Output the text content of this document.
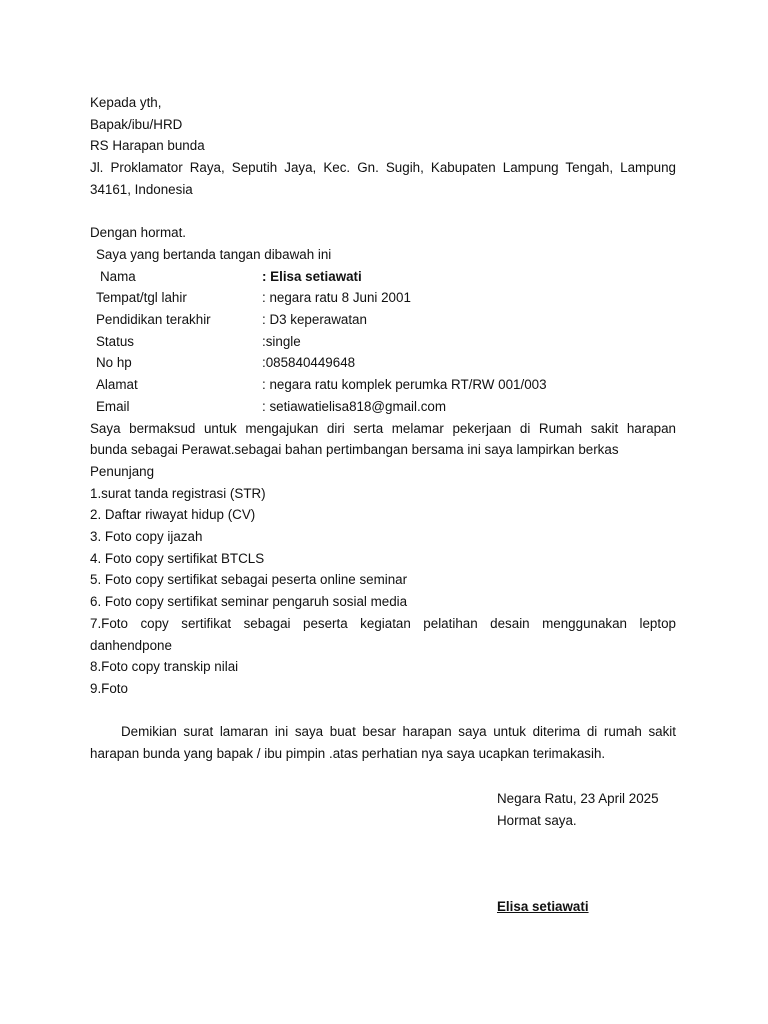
Kepada yth,
Bapak/ibu/HRD
RS Harapan bunda
Jl. Proklamator Raya, Seputih Jaya, Kec. Gn. Sugih, Kabupaten Lampung Tengah, Lampung
34161, Indonesia
Dengan hormat.
Saya yang bertanda tangan dibawah ini
Nama	: Elisa setiawati
Tempat/tgl lahir	: negara ratu 8 Juni 2001
Pendidikan terakhir	: D3 keperawatan
Status	:single
No hp	:085840449648
Alamat	: negara ratu komplek perumka RT/RW 001/003
Email	: setiawatielisa818@gmail.com
Saya bermaksud untuk mengajukan diri serta melamar pekerjaan di Rumah sakit harapan
bunda sebagai Perawat.sebagai bahan pertimbangan bersama ini saya lampirkan berkas
Penunjang
1.surat tanda registrasi (STR)
2. Daftar riwayat hidup (CV)
3. Foto copy ijazah
4. Foto copy sertifikat BTCLS
5. Foto copy sertifikat sebagai peserta online seminar
6. Foto copy sertifikat seminar pengaruh sosial media
7.Foto copy sertifikat sebagai peserta kegiatan pelatihan desain menggunakan leptop
danhendpone
8.Foto copy transkip nilai
9.Foto
Demikian surat lamaran ini saya buat besar harapan saya untuk diterima di rumah sakit
harapan bunda yang bapak / ibu pimpin .atas perhatian nya saya ucapkan terimakasih.
Negara Ratu, 23 April 2025
Hormat saya.
Elisa setiawati
